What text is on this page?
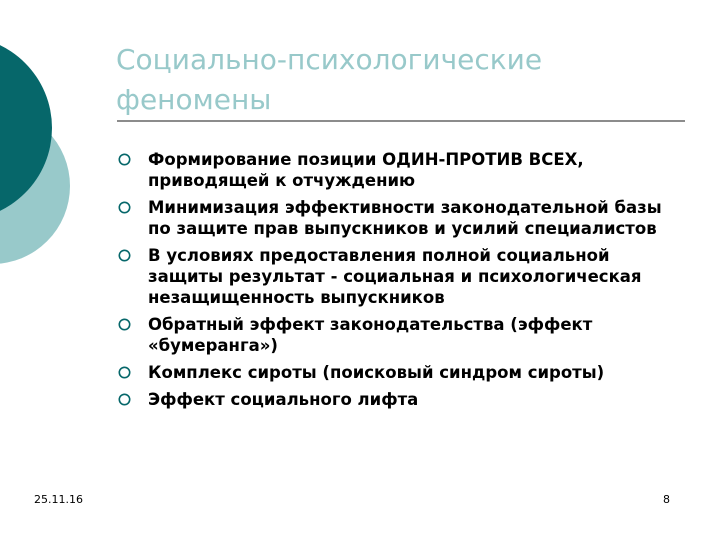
Социально-психологические феномены
Формирование позиции ОДИН-ПРОТИВ ВСЕХ, приводящей к отчуждению
Минимизация эффективности законодательной базы по защите прав выпускников и усилий специалистов
В условиях предоставления полной социальной защиты результат - социальная и психологическая незащищенность выпускников
Обратный эффект законодательства (эффект «бумеранга»)
Комплекс сироты (поисковый синдром сироты)
Эффект социального лифта
25.11.16	8
